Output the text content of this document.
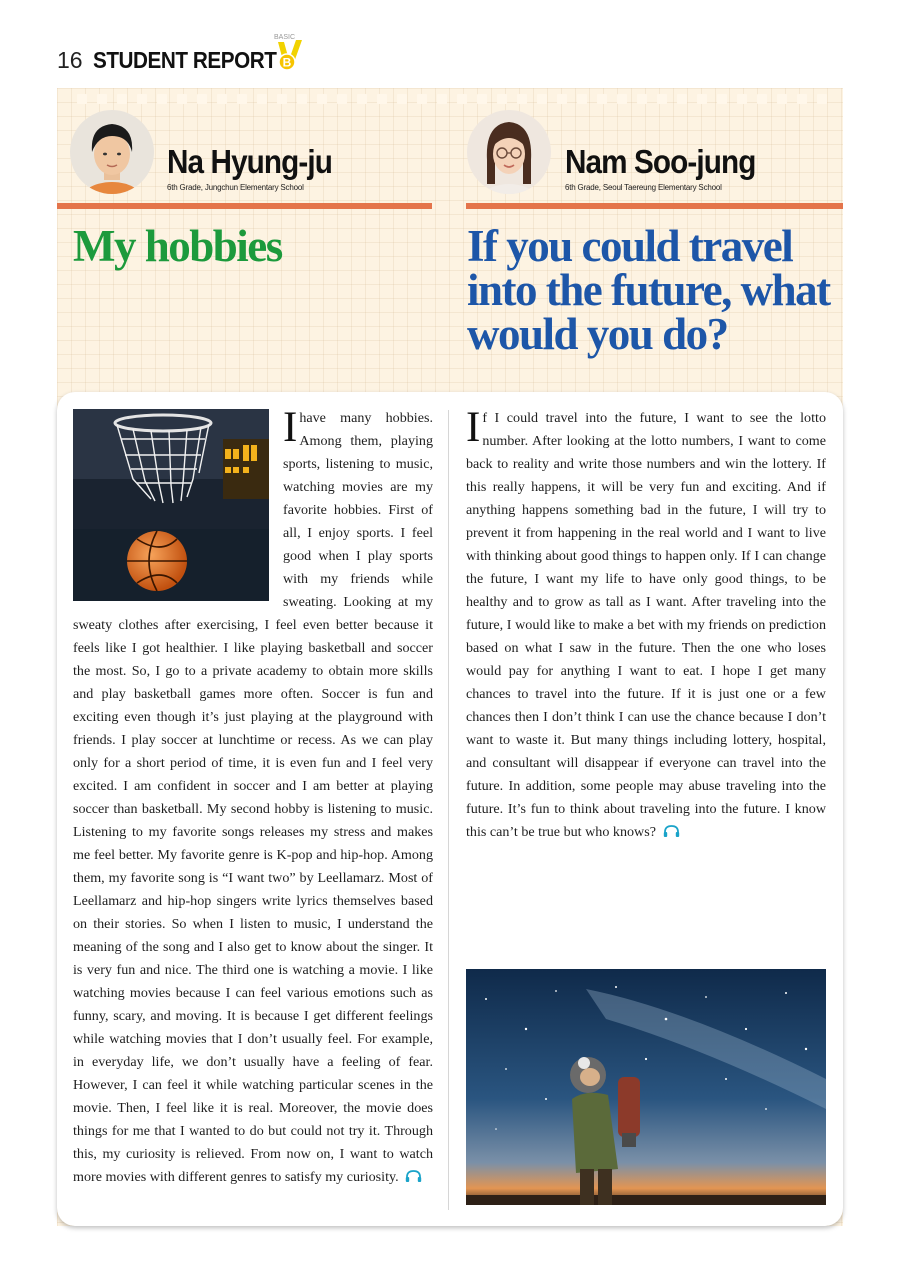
16 STUDENT REPORT
BASIC
B
Na Hyung-ju
6th Grade, Jungchun Elementary School
My hobbies
Nam Soo-jung
6th Grade, Seoul Taereung Elementary School
If you could travel into the future, what would you do?
I have many hobbies. Among them, playing sports, listening to music, watching movies are my favorite hobbies. First of all, I enjoy sports. I feel good when I play sports with my friends while sweating. Looking at my sweaty clothes after exercising, I feel even better because it feels like I got healthier. I like playing basketball and soccer the most. So, I go to a private academy to obtain more skills and play basketball games more often. Soccer is fun and exciting even though it’s just playing at the playground with friends. I play soccer at lunchtime or recess. As we can play only for a short period of time, it is even fun and I feel very excited. I am confident in soccer and I am better at playing soccer than basketball. My second hobby is listening to music. Listening to my favorite songs releases my stress and makes me feel better. My favorite genre is K-pop and hip-hop. Among them, my favorite song is “I want two” by Leellamarz. Most of Leellamarz and hip-hop singers write lyrics themselves based on their stories. So when I listen to music, I understand the meaning of the song and I also get to know about the singer. It is very fun and nice. The third one is watching a movie. I like watching movies because I can feel various emotions such as funny, scary, and moving. It is because I get different feelings while watching movies that I don’t usually feel. For example, in everyday life, we don’t usually have a feeling of fear. However, I can feel it while watching particular scenes in the movie. Then, I feel like it is real. Moreover, the movie does things for me that I wanted to do but could not try it. Through this, my curiosity is relieved. From now on, I want to watch more movies with different genres to satisfy my curiosity.
I f I could travel into the future, I want to see the lotto number. After looking at the lotto numbers, I want to come back to reality and write those numbers and win the lottery. If this really happens, it will be very fun and exciting. And if anything happens something bad in the future, I will try to prevent it from happening in the real world and I want to live with thinking about good things to happen only. If I can change the future, I want my life to have only good things, to be healthy and to grow as tall as I want. After traveling into the future, I would like to make a bet with my friends on prediction based on what I saw in the future. Then the one who loses would pay for anything I want to eat. I hope I get many chances to travel into the future. If it is just one or a few chances then I don’t think I can use the chance because I don’t want to waste it. But many things including lottery, hospital, and consultant will disappear if everyone can travel into the future. In addition, some people may abuse traveling into the future. It’s fun to think about traveling into the future. I know this can’t be true but who knows?
